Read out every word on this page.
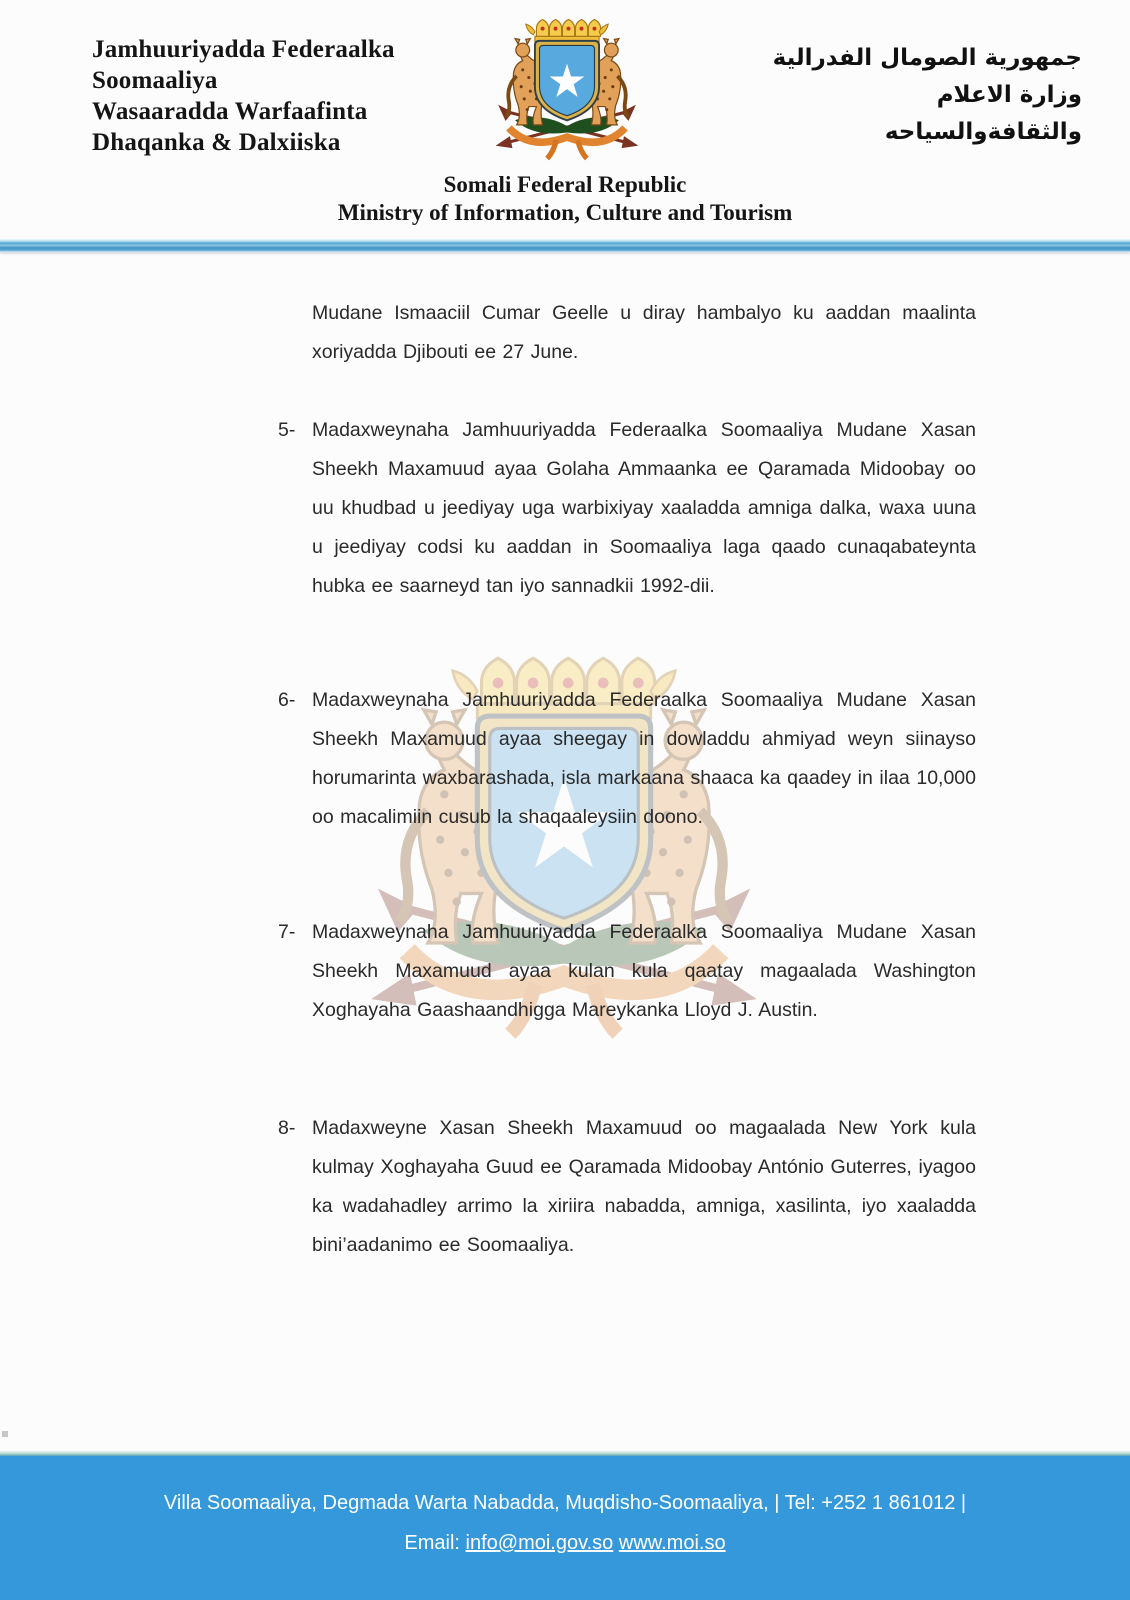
Jamhuuriyadda Federaalka
Soomaaliya
Wasaaradda Warfaafinta
Dhaqanka & Dalxiiska
جمهورية الصومال الفدرالية
وزارة الاعلام
والثقافةوالسياحه
Somali Federal Republic
Ministry of Information, Culture and Tourism
Mudane Ismaaciil Cumar Geelle u diray hambalyo ku aaddan maalinta xoriyadda Djibouti ee 27 June.
5- Madaxweynaha Jamhuuriyadda Federaalka Soomaaliya Mudane Xasan Sheekh Maxamuud ayaa Golaha Ammaanka ee Qaramada Midoobay oo uu khudbad u jeediyay uga warbixiyay xaaladda amniga dalka, waxa uuna u jeediyay codsi ku aaddan in Soomaaliya laga qaado cunaqabateynta hubka ee saarneyd tan iyo sannadkii 1992-dii.
6- Madaxweynaha Jamhuuriyadda Federaalka Soomaaliya Mudane Xasan Sheekh Maxamuud ayaa sheegay in dowladdu ahmiyad weyn siinayso horumarinta waxbarashada, isla markaana shaaca ka qaadey in ilaa 10,000 oo macalimiin cusub la shaqaaleysiin doono.
7- Madaxweynaha Jamhuuriyadda Federaalka Soomaaliya Mudane Xasan Sheekh Maxamuud ayaa kulan kula qaatay magaalada Washington Xoghayaha Gaashaandhigga Mareykanka Lloyd J. Austin.
8- Madaxweyne Xasan Sheekh Maxamuud oo magaalada New York kula kulmay Xoghayaha Guud ee Qaramada Midoobay António Guterres, iyagoo ka wadahadley arrimo la xiriira nabadda, amniga, xasilinta, iyo xaaladda bini’aadanimo ee Soomaaliya.
Villa Soomaaliya, Degmada Warta Nabadda, Muqdisho-Soomaaliya, | Tel: +252 1 861012 |
Email: info@moi.gov.so www.moi.so
